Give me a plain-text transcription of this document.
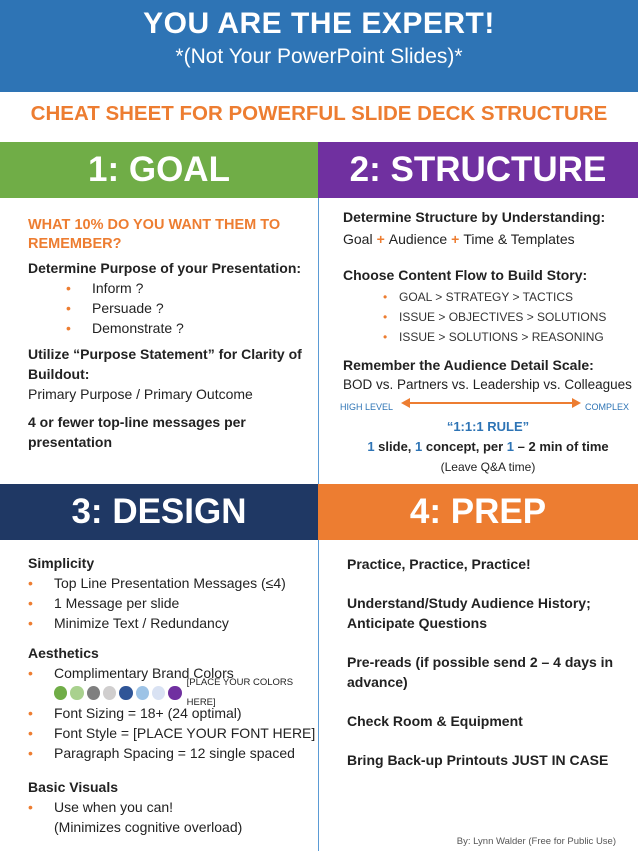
YOU ARE THE EXPERT!
*(Not Your PowerPoint Slides)*
CHEAT SHEET FOR POWERFUL SLIDE DECK STRUCTURE
1: GOAL	2: STRUCTURE
3: DESIGN	4: PREP
WHAT 10% DO YOU WANT THEM TO REMEMBER?
Determine Purpose of your Presentation:
• Inform ?
• Persuade ?
• Demonstrate ?
Utilize “Purpose Statement” for Clarity of Buildout:
Primary Purpose / Primary Outcome
4 or fewer top-line messages per presentation
Determine Structure by Understanding:
Goal + Audience + Time & Templates
Choose Content Flow to Build Story:
• GOAL > STRATEGY > TACTICS
• ISSUE > OBJECTIVES > SOLUTIONS
• ISSUE > SOLUTIONS > REASONING
Remember the Audience Detail Scale:
BOD vs. Partners vs. Leadership vs. Colleagues
HIGH LEVEL	COMPLEX
“1:1:1 RULE”
1 slide, 1 concept, per 1 – 2 min of time
(Leave Q&A time)
Simplicity
• Top Line Presentation Messages (≤4)
• 1 Message per slide
• Minimize Text / Redundancy
Aesthetics
• Complimentary Brand Colors
[PLACE YOUR COLORS HERE]
• Font Sizing = 18+ (24 optimal)
• Font Style = [PLACE YOUR FONT HERE]
• Paragraph Spacing = 12 single spaced
Basic Visuals
• Use when you can!
(Minimizes cognitive overload)
Practice, Practice, Practice!
Understand/Study Audience History; Anticipate Questions
Pre-reads (if possible send 2 – 4 days in advance)
Check Room & Equipment
Bring Back-up Printouts JUST IN CASE
By: Lynn Walder (Free for Public Use)
